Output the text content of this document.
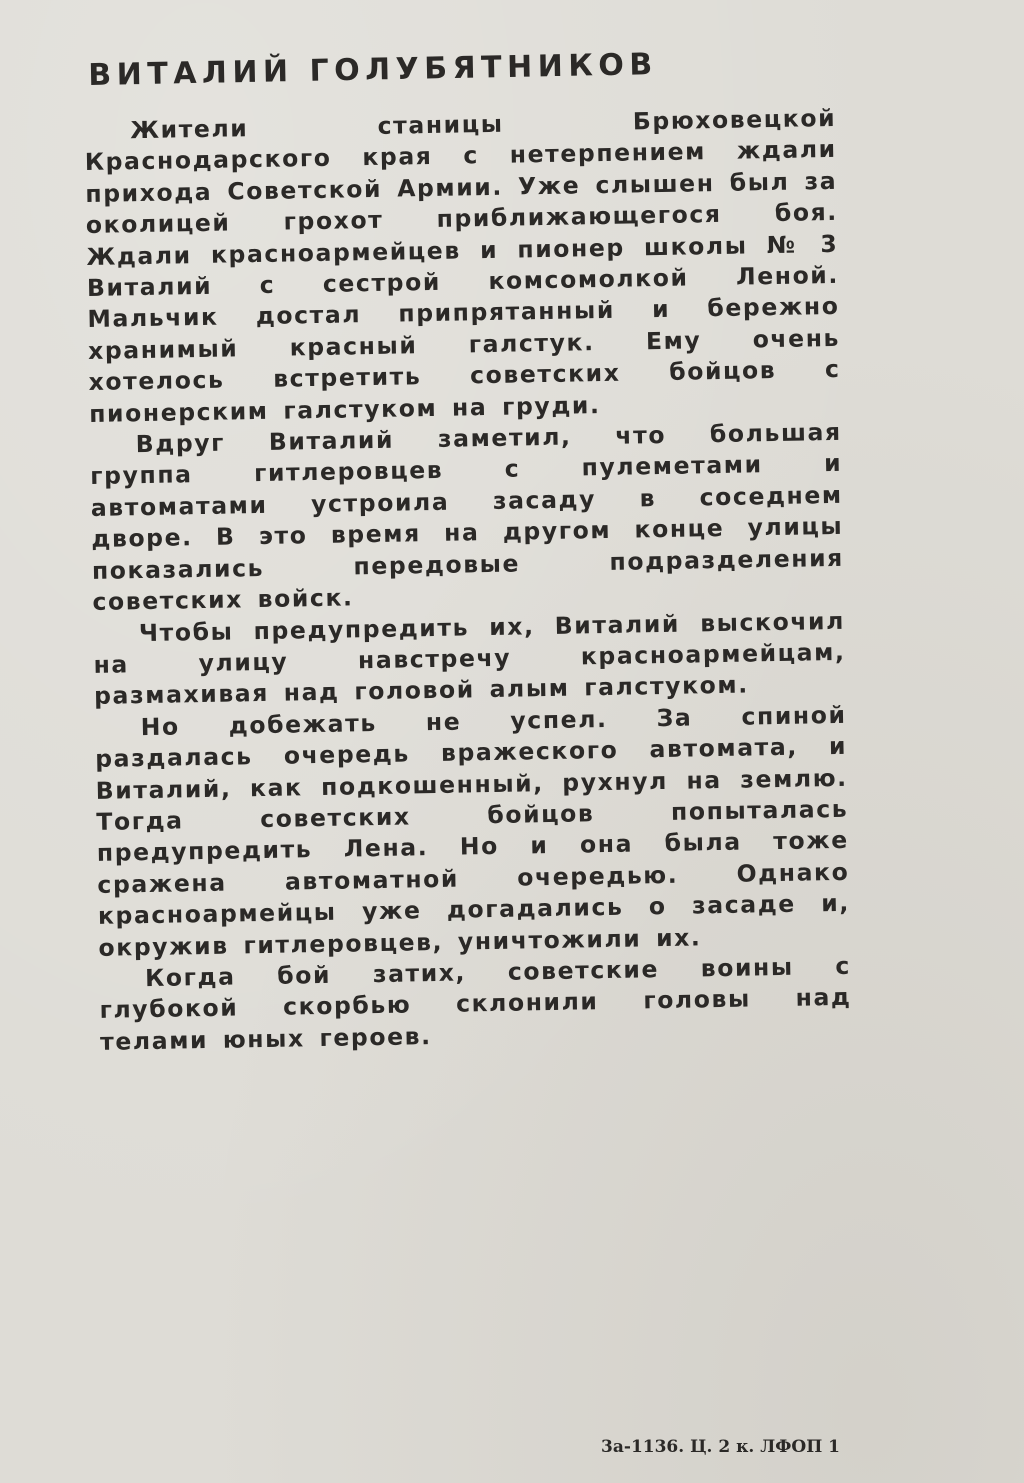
ВИТАЛИЙ ГОЛУБЯТНИКОВ

Жители станицы Брюховецкой Краснодарского края с нетерпением ждали прихода Советской Армии. Уже слышен был за околицей грохот приближающегося боя. Ждали красноармейцев и пионер школы № 3 Виталий с сестрой комсомолкой Леной. Мальчик достал припрятанный и бережно хранимый красный галстук. Ему очень хотелось встретить советских бойцов с пионерским галстуком на груди.

Вдруг Виталий заметил, что большая группа гитлеровцев с пулеметами и автоматами устроила засаду в соседнем дворе. В это время на другом конце улицы показались передовые подразделения советских войск.

Чтобы предупредить их, Виталий выскочил на улицу навстречу красноармейцам, размахивая над головой алым галстуком.

Но добежать не успел. За спиной раздалась очередь вражеского автомата, и Виталий, как подкошенный, рухнул на землю. Тогда советских бойцов попыталась предупредить Лена. Но и она была тоже сражена автоматной очередью. Однако красноармейцы уже догадались о засаде и, окружив гитлеровцев, уничтожили их.

Когда бой затих, советские воины с глубокой скорбью склонили головы над телами юных героев.

3а-1136. Ц. 2 к. ЛФОП 1
